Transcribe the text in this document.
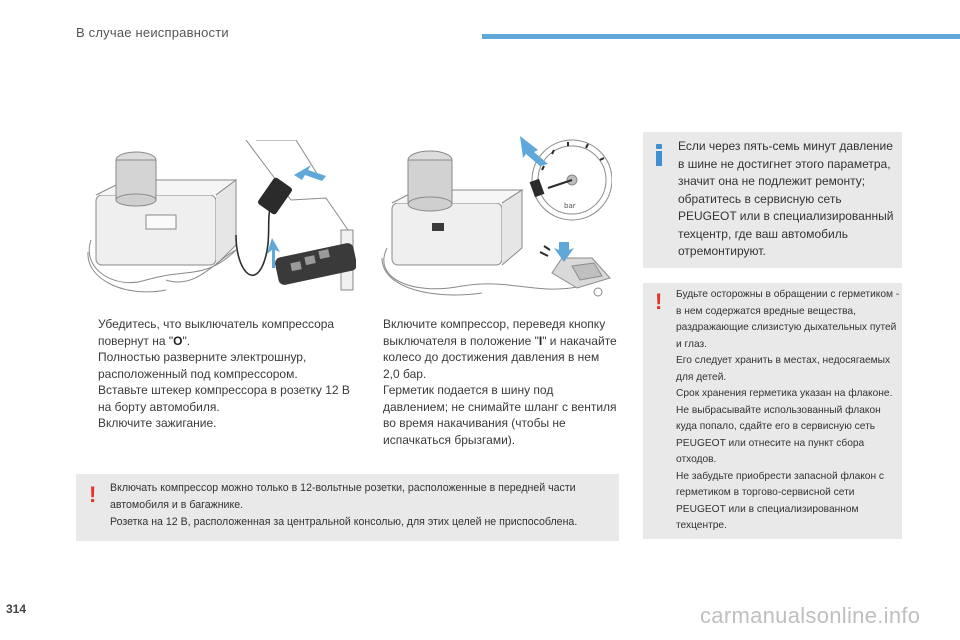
В случае неисправности
bar
Убедитесь, что выключатель компрессора повернут на "O".
Полностью разверните электрошнур, расположенный под компрессором.
Вставьте штекер компрессора в розетку 12 В на борту автомобиля.
Включите зажигание.
Включите компрессор, переведя кнопку выключателя в положение "I" и накачайте колесо до достижения давления в нем 2,0 бар.
Герметик подается в шину под давлением; не снимайте шланг с вентиля во время накачивания (чтобы не испачкаться брызгами).
Если через пять-семь минут давление в шине не достигнет этого параметра, значит она не подлежит ремонту; обратитесь в сервисную сеть PEUGEOT или в специализированный техцентр, где ваш автомобиль отремонтируют.
! Будьте осторожны в обращении с герметиком - в нем содержатся вредные вещества, раздражающие слизистую дыхательных путей и глаз.

Его следует хранить в местах, недосягаемых для детей.

Срок хранения герметика указан на флаконе.

Не выбрасывайте использованный флакон куда попало, сдайте его в сервисную сеть PEUGEOT или отнесите на пункт сбора отходов.

Не забудьте приобрести запасной флакон с герметиком в торгово-сервисной сети PEUGEOT или в специализированном техцентре.

! Включать компрессор можно только в 12-вольтные розетки, расположенные в передней части автомобиля и в багажнике.

Розетка на 12 В, расположенная за центральной консолью, для этих целей не приспособлена.

314	carmanualsonline.info
